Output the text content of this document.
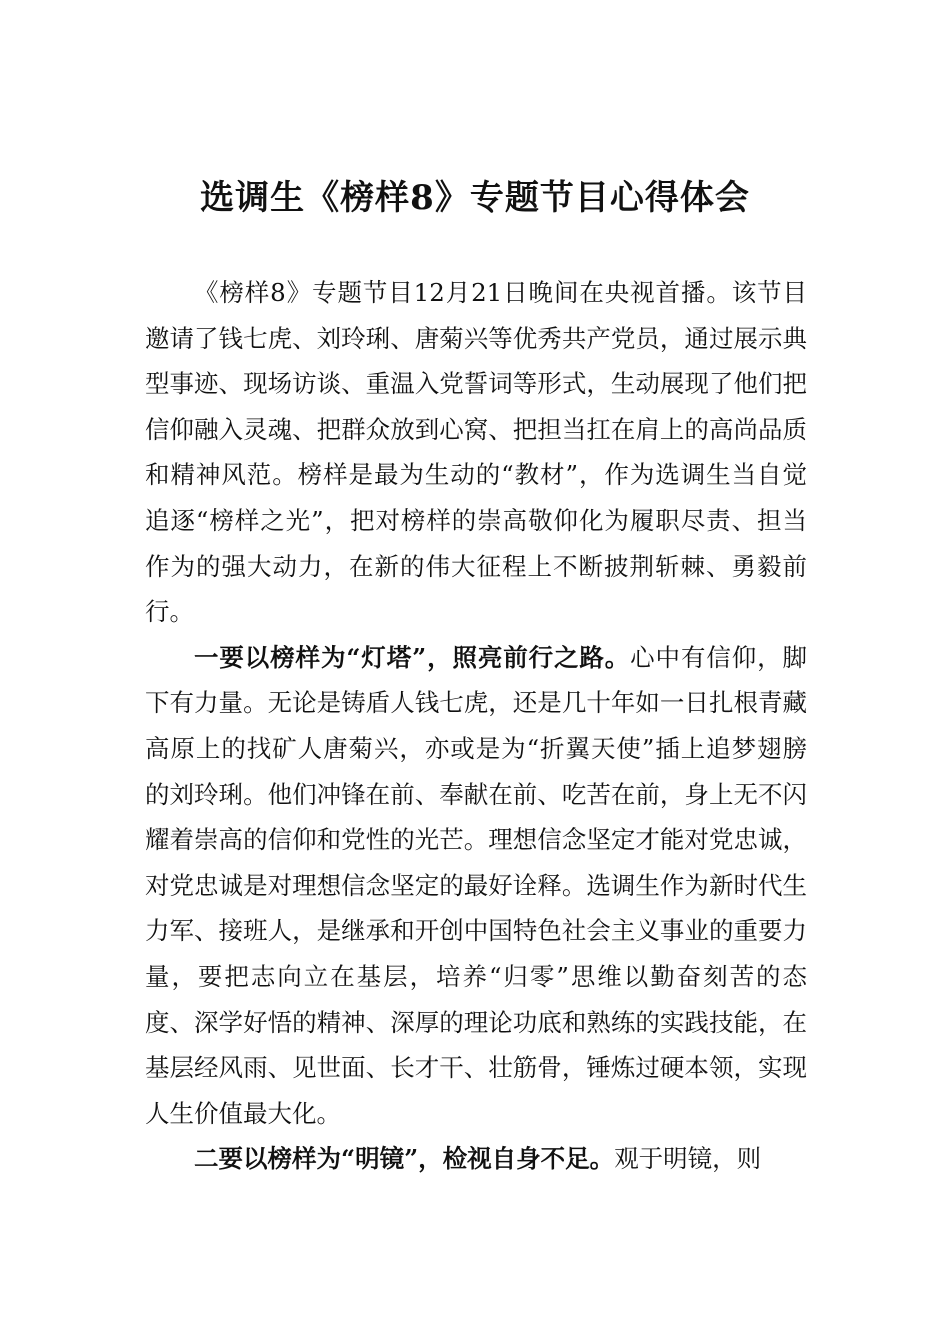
选调生《榜样8》专题节目心得体会

《榜样8》专题节目12月21日晚间在央视首播。该节目邀请了钱七虎、刘玲琍、唐菊兴等优秀共产党员，通过展示典型事迹、现场访谈、重温入党誓词等形式，生动展现了他们把信仰融入灵魂、把群众放到心窝、把担当扛在肩上的高尚品质和精神风范。榜样是最为生动的“教材”，作为选调生当自觉追逐“榜样之光”，把对榜样的崇高敬仰化为履职尽责、担当作为的强大动力，在新的伟大征程上不断披荆斩棘、勇毅前行。

一要以榜样为“灯塔”，照亮前行之路。心中有信仰，脚下有力量。无论是铸盾人钱七虎，还是几十年如一日扎根青藏高原上的找矿人唐菊兴，亦或是为“折翼天使”插上追梦翅膀的刘玲琍。他们冲锋在前、奉献在前、吃苦在前，身上无不闪耀着崇高的信仰和党性的光芒。理想信念坚定才能对党忠诚，对党忠诚是对理想信念坚定的最好诠释。选调生作为新时代生力军、接班人，是继承和开创中国特色社会主义事业的重要力量，要把志向立在基层，培养“归零”思维以勤奋刻苦的态度、深学好悟的精神、深厚的理论功底和熟练的实践技能，在基层经风雨、见世面、长才干、壮筋骨，锤炼过硬本领，实现人生价值最大化。

二要以榜样为“明镜”，检视自身不足。观于明镜，则
